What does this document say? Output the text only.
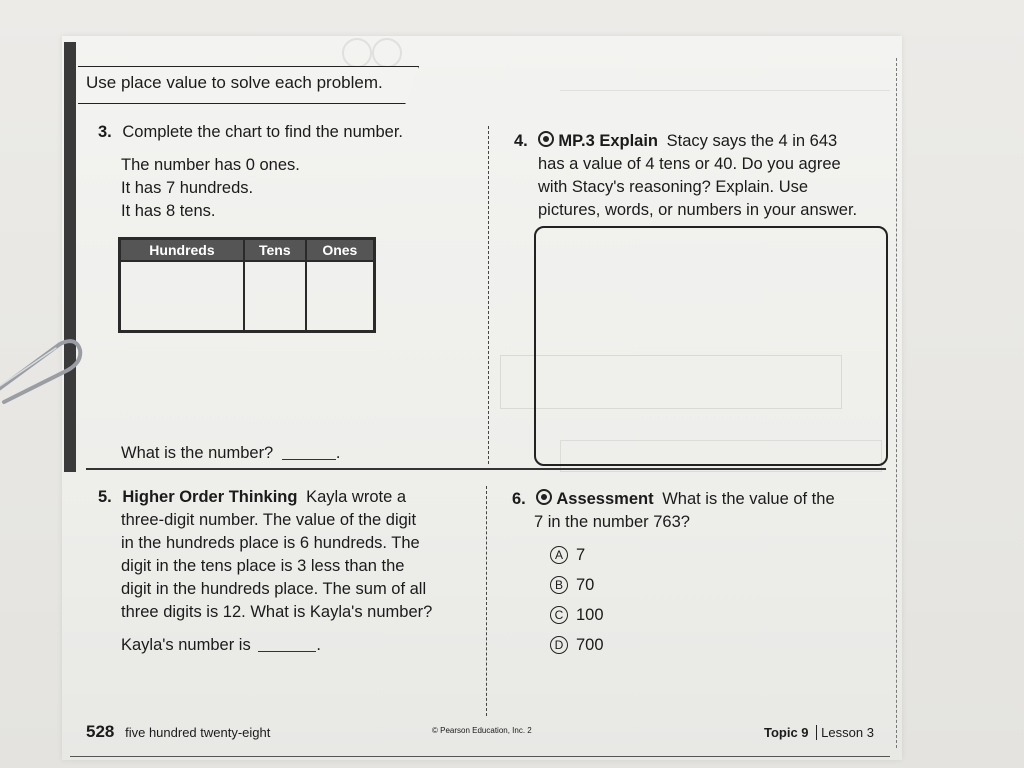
Use place value to solve each problem.
3. Complete the chart to find the number.
The number has 0 ones.
It has 7 hundreds.
It has 8 tens.
Hundreds	Tens	Ones

What is the number?	.
4. MP.3 Explain Stacy says the 4 in 643
has a value of 4 tens or 40. Do you agree
with Stacy's reasoning? Explain. Use
pictures, words, or numbers in your answer.
5. Higher Order Thinking Kayla wrote a
three-digit number. The value of the digit
in the hundreds place is 6 hundreds. The
digit in the tens place is 3 less than the
digit in the hundreds place. The sum of all
three digits is 12. What is Kayla's number?
Kayla's number is	.
6. Assessment What is the value of the
7 in the number 763?
A 7
B 70
C 100
D 700
528 five hundred twenty-eight	© Pearson Education, Inc. 2	Topic 9 Lesson 3
